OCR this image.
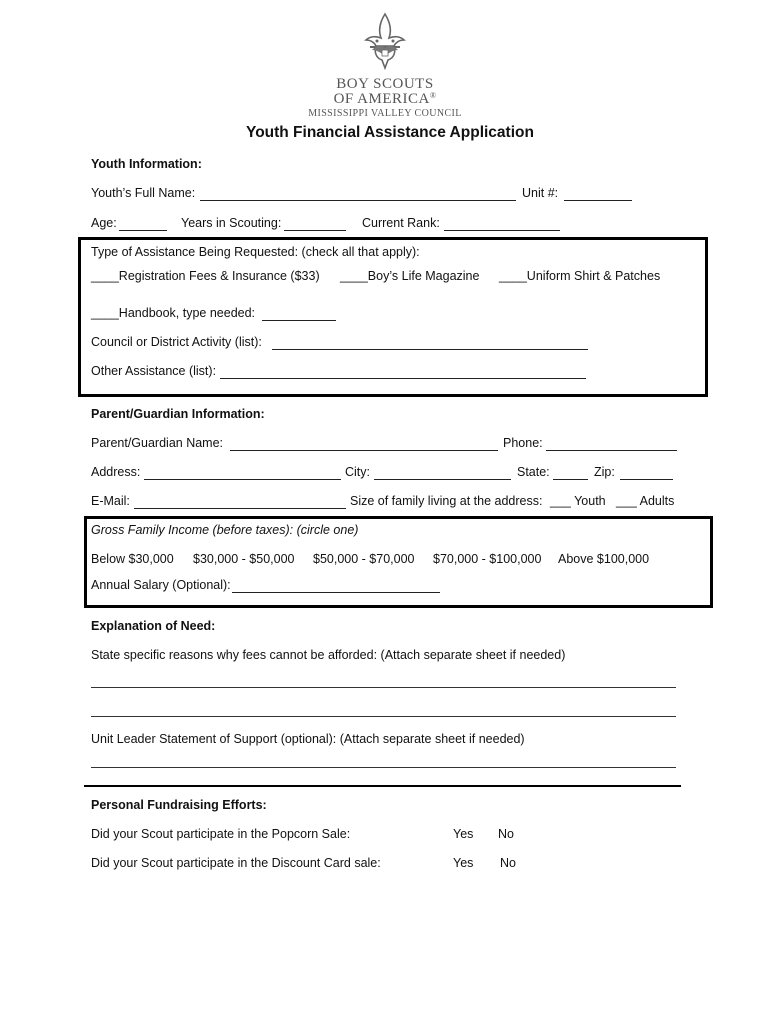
BOY SCOUTS
OF AMERICA®
MISSISSIPPI VALLEY COUNCIL
Youth Financial Assistance Application
Youth Information:
Youth’s Full Name:	Unit #:
Age:	Years in Scouting:	Current Rank:
Type of Assistance Being Requested: (check all that apply):
____Registration Fees & Insurance ($33) ____Boy’s Life Magazine ____Uniform Shirt & Patches
____Handbook, type needed:
Council or District Activity (list):
Other Assistance (list):
Parent/Guardian Information:
Parent/Guardian Name:	Phone:
Address:	City:	State:	Zip:
E-Mail:	Size of family living at the address: ___ Youth ___ Adults
Gross Family Income (before taxes): (circle one)
Below $30,000 $30,000 - $50,000 $50,000 - $70,000 $70,000 - $100,000 Above $100,000
Annual Salary (Optional):
Explanation of Need:
State specific reasons why fees cannot be afforded: (Attach separate sheet if needed)
Unit Leader Statement of Support (optional): (Attach separate sheet if needed)
Personal Fundraising Efforts:
Did your Scout participate in the Popcorn Sale:	Yes No
Did your Scout participate in the Discount Card sale:	Yes No
